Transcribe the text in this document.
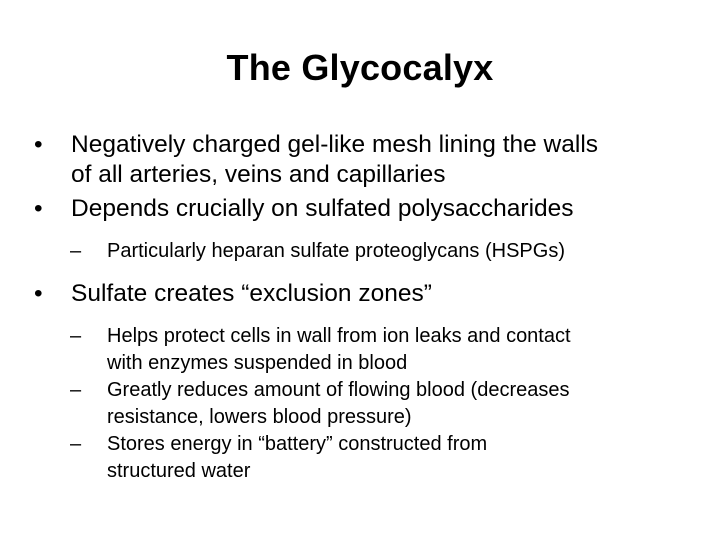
The Glycocalyx
•	Negatively charged gel-like mesh lining the walls
of all arteries, veins and capillaries
•	Depends crucially on sulfated polysaccharides
–	Particularly heparan sulfate proteoglycans (HSPGs)
•	Sulfate creates “exclusion zones”
–	Helps protect cells in wall from ion leaks and contact
with enzymes suspended in blood
–	Greatly reduces amount of flowing blood (decreases
resistance, lowers blood pressure)
–	Stores energy in “battery” constructed from
structured water
